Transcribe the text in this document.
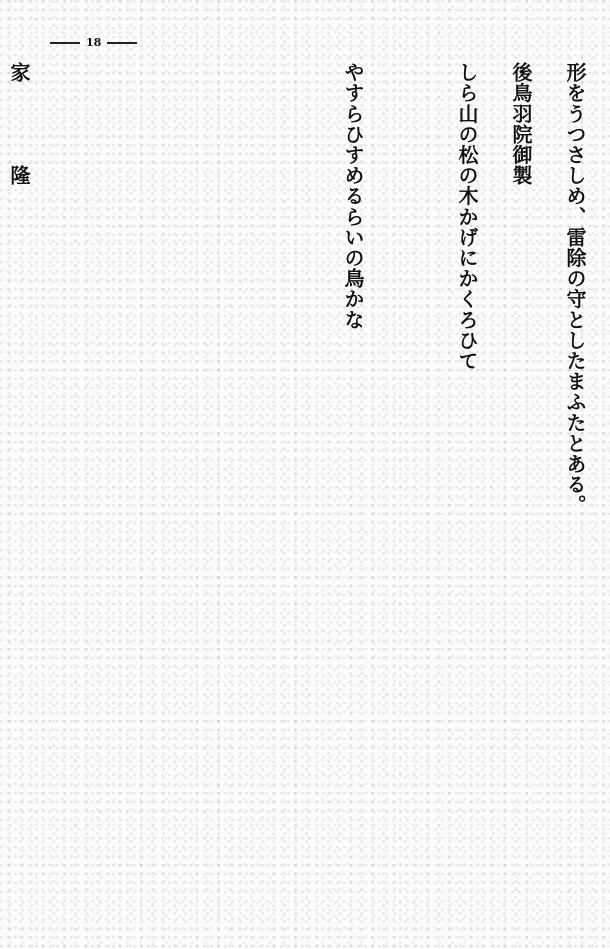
18
形をうつさしめ、雷除の守としたまふたとある。
後鳥羽院御製
しら山の松の木かげにかくろひて
やすらひすめるらいの鳥かな
家　　　　隆
